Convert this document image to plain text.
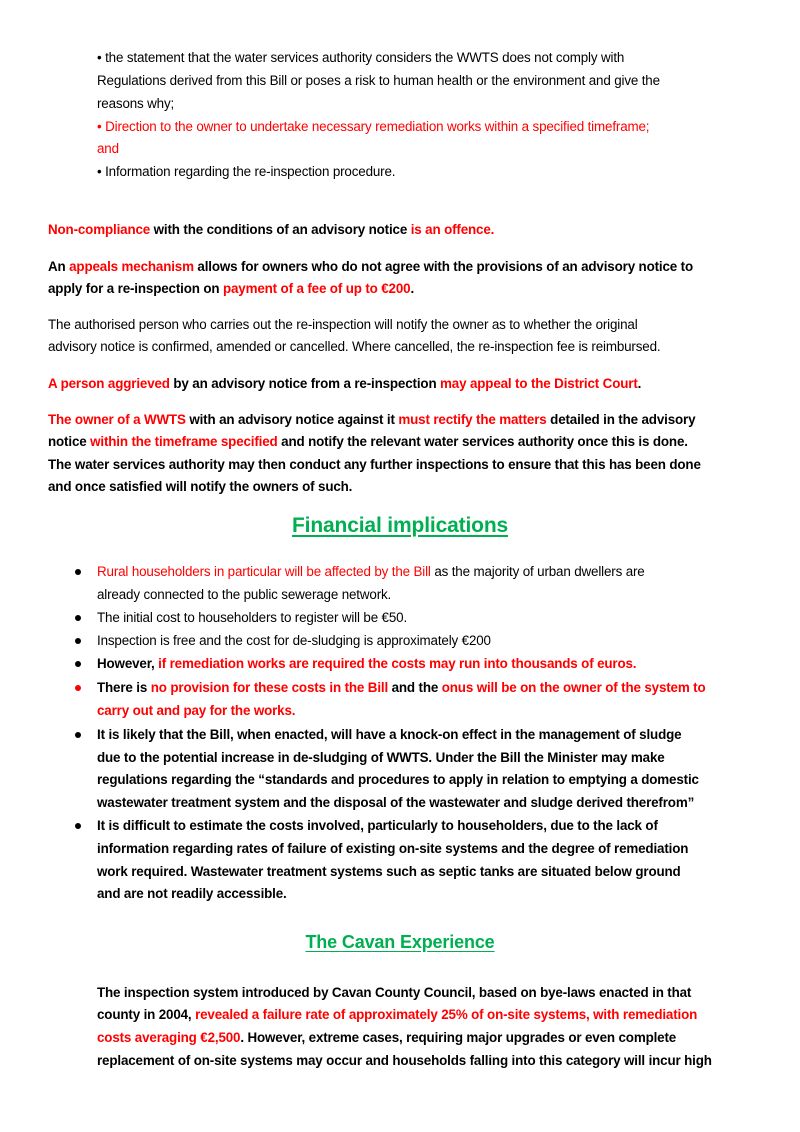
• the statement that the water services authority considers the WWTS does not comply with
Regulations derived from this Bill or poses a risk to human health or the environment and give the
reasons why;
• Direction to the owner to undertake necessary remediation works within a specified timeframe;
and
• Information regarding the re-inspection procedure.
Non-compliance with the conditions of an advisory notice is an offence.
An appeals mechanism allows for owners who do not agree with the provisions of an advisory notice to
apply for a re-inspection on payment of a fee of up to €200.
The authorised person who carries out the re-inspection will notify the owner as to whether the original
advisory notice is confirmed, amended or cancelled. Where cancelled, the re-inspection fee is reimbursed.
A person aggrieved by an advisory notice from a re-inspection may appeal to the District Court.
The owner of a WWTS with an advisory notice against it must rectify the matters detailed in the advisory
notice within the timeframe specified and notify the relevant water services authority once this is done.
The water services authority may then conduct any further inspections to ensure that this has been done
and once satisfied will notify the owners of such.
Financial implications
Rural householders in particular will be affected by the Bill as the majority of urban dwellers are
already connected to the public sewerage network.
The initial cost to householders to register will be €50.
Inspection is free and the cost for de-sludging is approximately €200
However, if remediation works are required the costs may run into thousands of euros.
There is no provision for these costs in the Bill and the onus will be on the owner of the system to
carry out and pay for the works.
It is likely that the Bill, when enacted, will have a knock-on effect in the management of sludge
due to the potential increase in de-sludging of WWTS. Under the Bill the Minister may make
regulations regarding the “standards and procedures to apply in relation to emptying a domestic
wastewater treatment system and the disposal of the wastewater and sludge derived therefrom”
It is difficult to estimate the costs involved, particularly to householders, due to the lack of
information regarding rates of failure of existing on-site systems and the degree of remediation
work required. Wastewater treatment systems such as septic tanks are situated below ground
and are not readily accessible.
The Cavan Experience
The inspection system introduced by Cavan County Council, based on bye-laws enacted in that
county in 2004, revealed a failure rate of approximately 25% of on-site systems, with remediation
costs averaging €2,500. However, extreme cases, requiring major upgrades or even complete
replacement of on-site systems may occur and households falling into this category will incur high
